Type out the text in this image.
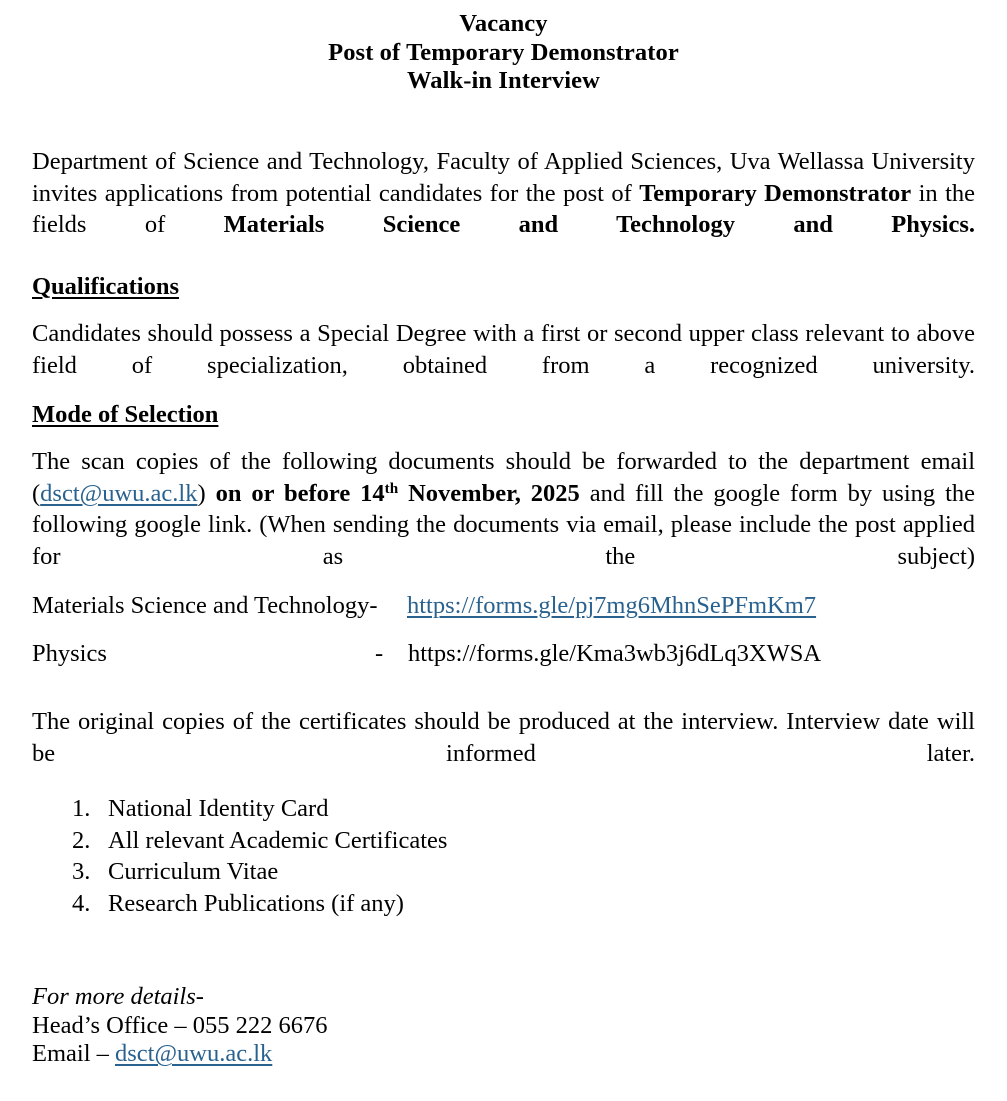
Vacancy
Post of Temporary Demonstrator
Walk-in Interview

Department of Science and Technology, Faculty of Applied Sciences, Uva Wellassa University invites applications from potential candidates for the post of Temporary Demonstrator in the fields of Materials Science and Technology and Physics.

Qualifications

Candidates should possess a Special Degree with a first or second upper class relevant to above field of specialization, obtained from a recognized university.

Mode of Selection

The scan copies of the following documents should be forwarded to the department email (dsct@uwu.ac.lk) on or before 14th November, 2025 and fill the google form by using the following google link. (When sending the documents via email, please include the post applied for as the subject)

Materials Science and Technology- https://forms.gle/pj7mg6MhnSePFmKm7
Physics	- https://forms.gle/Kma3wb3j6dLq3XWSA

The original copies of the certificates should be produced at the interview. Interview date will be informed later.

1. National Identity Card
2. All relevant Academic Certificates
3. Curriculum Vitae
4. Research Publications (if any)
For more details-
Head’s Office – 055 222 6676
Email – dsct@uwu.ac.lk
